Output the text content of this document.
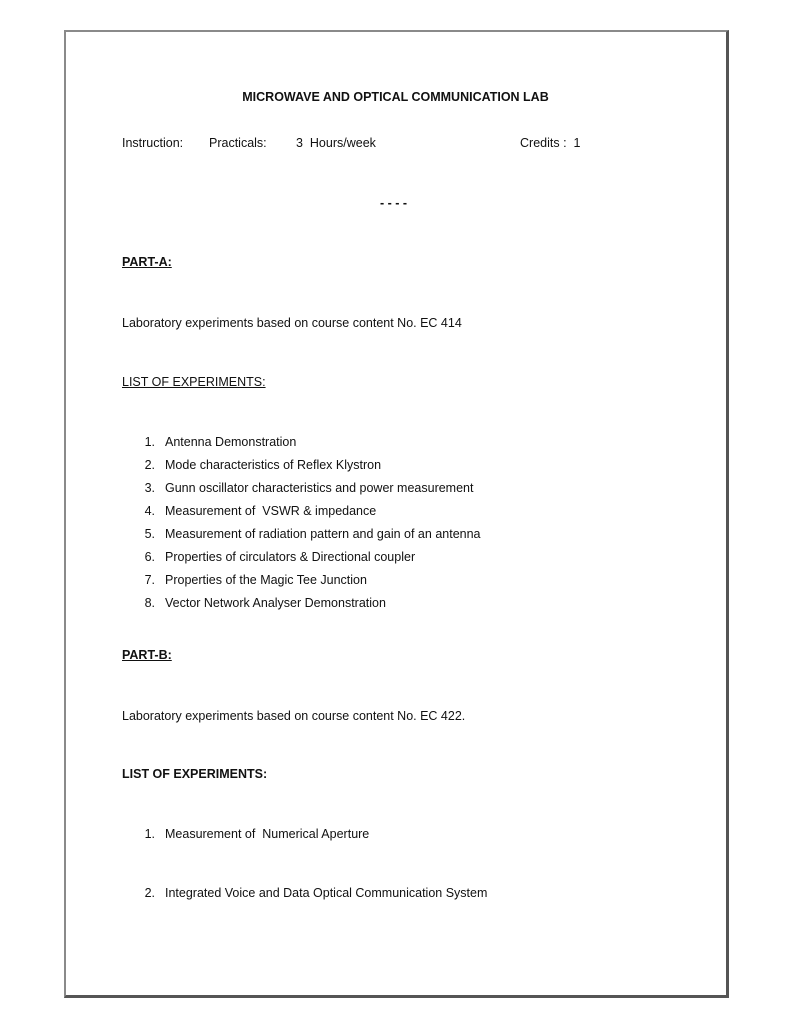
MICROWAVE AND OPTICAL COMMUNICATION LAB
Instruction: Practicals: 3  Hours/week	Credits :  1
- - - -
PART-A:
Laboratory experiments based on course content No. EC 414
LIST OF EXPERIMENTS:
1. Antenna Demonstration
2. Mode characteristics of Reflex Klystron
3. Gunn oscillator characteristics and power measurement
4. Measurement of  VSWR & impedance
5. Measurement of radiation pattern and gain of an antenna
6. Properties of circulators & Directional coupler
7. Properties of the Magic Tee Junction
8. Vector Network Analyser Demonstration
PART-B:
Laboratory experiments based on course content No. EC 422.
LIST OF EXPERIMENTS:
1. Measurement of  Numerical Aperture
2. Integrated Voice and Data Optical Communication System
